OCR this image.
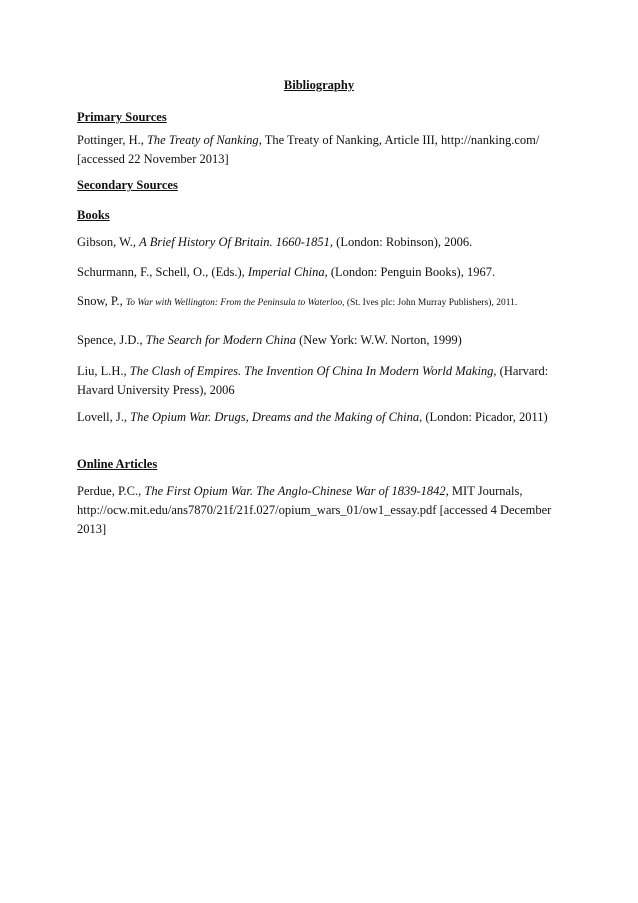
Bibliography
Primary Sources
Pottinger, H., The Treaty of Nanking, The Treaty of Nanking, Article III, http://nanking.com/ [accessed 22 November 2013]
Secondary Sources
Books
Gibson, W., A Brief History Of Britain. 1660-1851, (London: Robinson), 2006.
Schurmann, F., Schell, O., (Eds.), Imperial China, (London: Penguin Books), 1967.
Snow, P., To War with Wellington: From the Peninsula to Waterloo, (St. Ives plc: John Murray Publishers), 2011.
Spence, J.D., The Search for Modern China (New York: W.W. Norton, 1999)
Liu, L.H., The Clash of Empires. The Invention Of China In Modern World Making, (Harvard: Havard University Press), 2006
Lovell, J., The Opium War. Drugs, Dreams and the Making of China, (London: Picador, 2011)
Online Articles
Perdue, P.C., The First Opium War. The Anglo-Chinese War of 1839-1842, MIT Journals, http://ocw.mit.edu/ans7870/21f/21f.027/opium_wars_01/ow1_essay.pdf [accessed 4 December 2013]
